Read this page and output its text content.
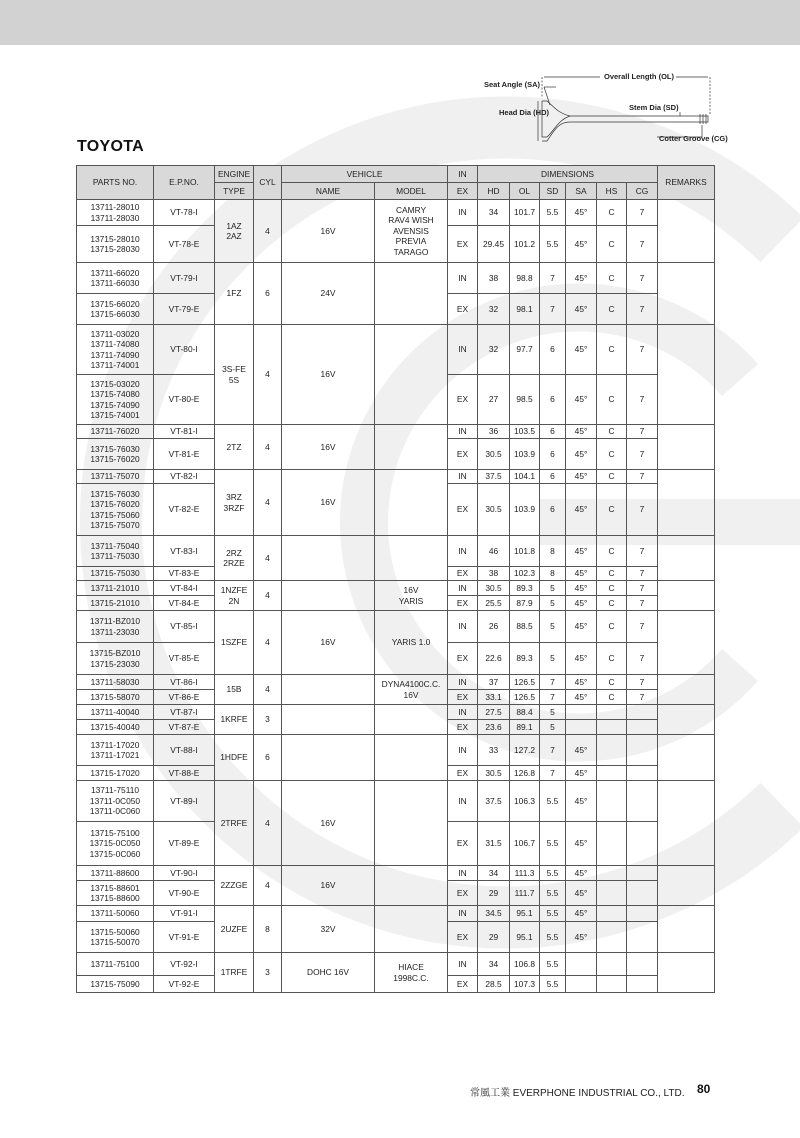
TOYOTA
Seat Angle (SA)
Overall Length (OL)
Head Dia (HD)
Stem Dia (SD)
Cotter Groove (CG)
PARTS NO.	E.P.NO.	ENGINE	CYL	VEHICLE		IN	DIMENSIONS						REMARKS
		TYPE		NAME	MODEL	EX	HD	OL	SD	SA	HS	CG	
13711-28010
13711-28030	VT-78-I	1AZ
2AZ	4	16V	CAMRY
RAV4 WISH
AVENSIS
PREVIA
TARAGO	IN	34	101.7	5.5	45°	C	7	
13715-28010
13715-28030	VT-78-E					EX	29.45	101.2	5.5	45°	C	7	
13711-66020
13711-66030	VT-79-I	1FZ	6	24V		IN	38	98.8	7	45°	C	7	
13715-66020
13715-66030	VT-79-E					EX	32	98.1	7	45°	C	7	
13711-03020
13711-74080
13711-74090
13711-74001	VT-80-I	3S-FE
5S	4	16V		IN	32	97.7	6	45°	C	7	
13715-03020
13715-74080
13715-74090
13715-74001	VT-80-E					EX	27	98.5	6	45°	C	7	
13711-76020	VT-81-I	2TZ	4	16V		IN	36	103.5	6	45°	C	7	
13715-76030
13715-76020	VT-81-E					EX	30.5	103.9	6	45°	C	7	
13711-75070	VT-82-I	3RZ
3RZF	4	16V		IN	37.5	104.1	6	45°	C	7	
13715-76030
13715-76020
13715-75060
13715-75070	VT-82-E					EX	30.5	103.9	6	45°	C	7	
13711-75040
13711-75030	VT-83-I	2RZ
2RZE	4			IN	46	101.8	8	45°	C	7	
13715-75030	VT-83-E					EX	38	102.3	8	45°	C	7	
13711-21010	VT-84-I	1NZFE
2N	4		16V
YARIS	IN	30.5	89.3	5	45°	C	7	
13715-21010	VT-84-E					EX	25.5	87.9	5	45°	C	7	
13711-BZ010
13711-23030	VT-85-I	1SZFE	4	16V	YARIS 1.0	IN	26	88.5	5	45°	C	7	
13715-BZ010
13715-23030	VT-85-E					EX	22.6	89.3	5	45°	C	7	
13711-58030	VT-86-I	15B	4		DYNA4100C.C.
16V	IN	37	126.5	7	45°	C	7	
13715-58070	VT-86-E					EX	33.1	126.5	7	45°	C	7	
13711-40040	VT-87-I	1KRFE	3			IN	27.5	88.4	5				
13715-40040	VT-87-E					EX	23.6	89.1	5				
13711-17020
13711-17021	VT-88-I	1HDFE	6			IN	33	127.2	7	45°			
13715-17020	VT-88-E					EX	30.5	126.8	7	45°			
13711-75110
13711-0C050
13711-0C060	VT-89-I	2TRFE	4	16V		IN	37.5	106.3	5.5	45°			
13715-75100
13715-0C050
13715-0C060	VT-89-E					EX	31.5	106.7	5.5	45°			
13711-88600	VT-90-I	2ZZGE	4	16V		IN	34	111.3	5.5	45°			
13715-88601
13715-88600	VT-90-E					EX	29	111.7	5.5	45°			
13711-50060	VT-91-I	2UZFE	8	32V		IN	34.5	95.1	5.5	45°			
13715-50060
13715-50070	VT-91-E					EX	29	95.1	5.5	45°			
13711-75100	VT-92-I	1TRFE	3	DOHC 16V	HIACE
1998C.C.	IN	34	106.8	5.5				
13715-75090	VT-92-E					EX	28.5	107.3	5.5				
常風工業 EVERPHONE INDUSTRIAL CO., LTD. 80
